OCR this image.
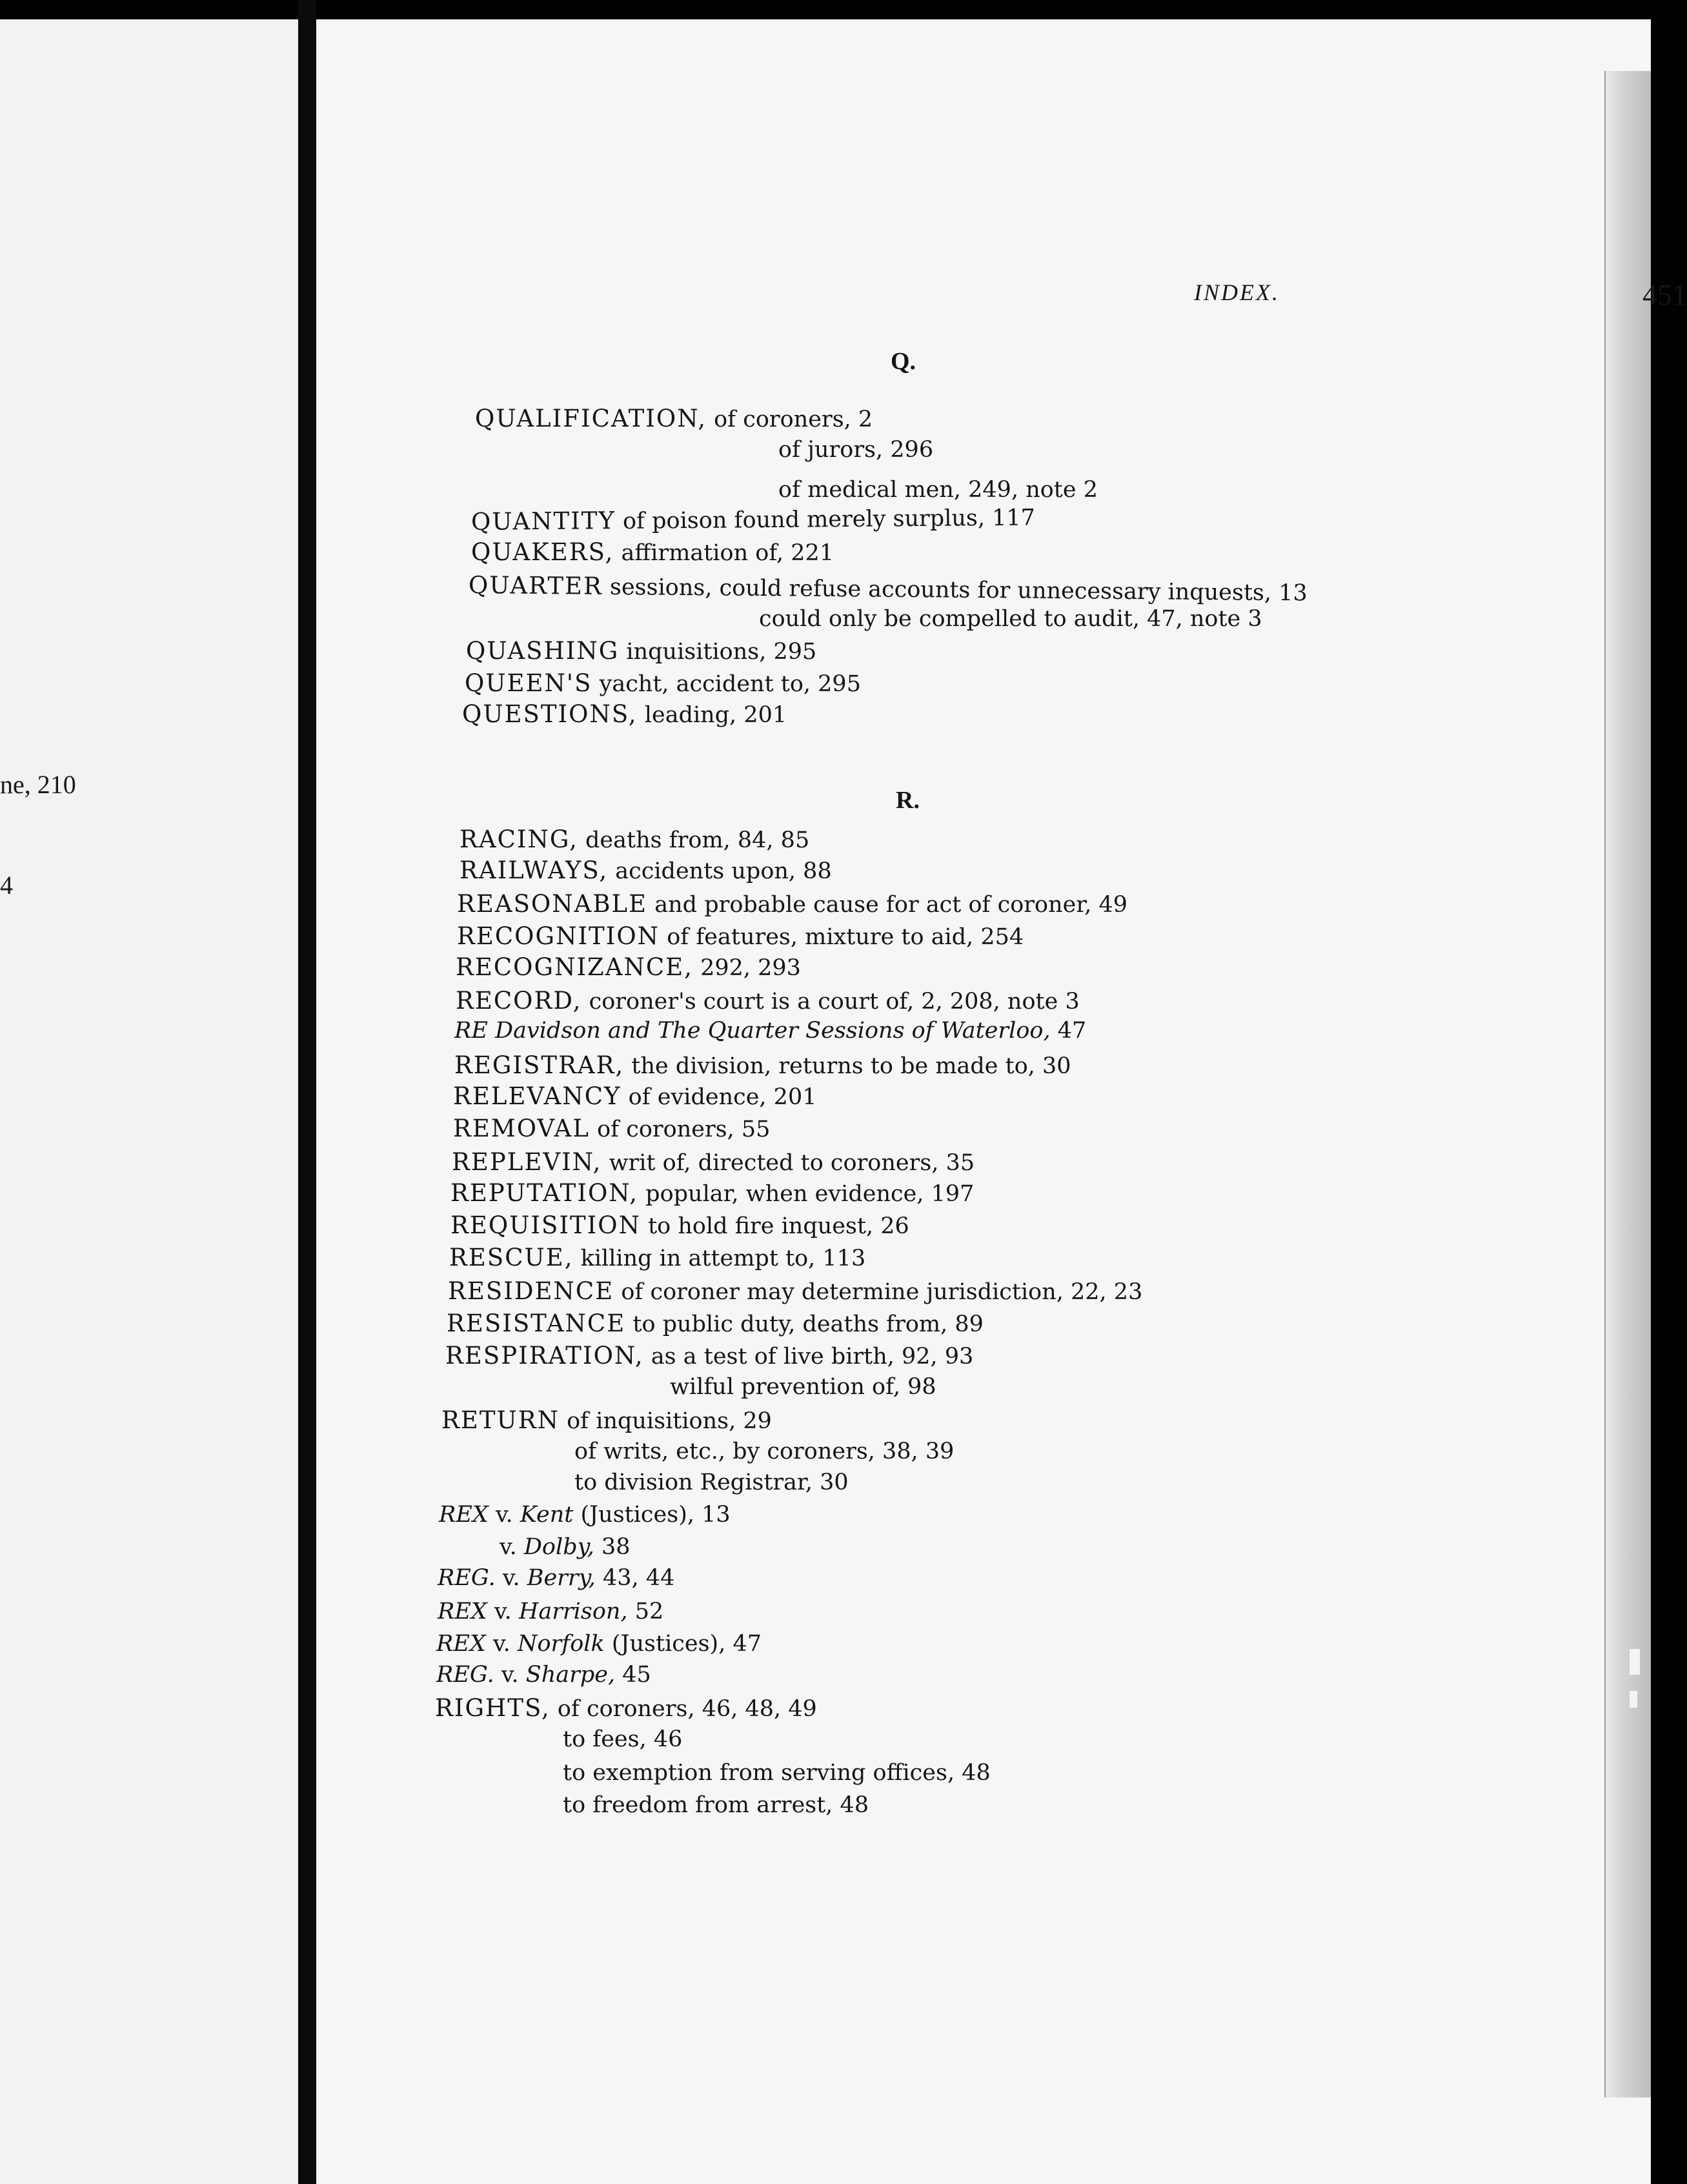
ne, 210
4
INDEX.	451
Q.
QUALIFICATION, of coroners, 2
of jurors, 296
of medical men, 249, note 2
QUANTITY of poison found merely surplus, 117
QUAKERS, affirmation of, 221
QUARTER sessions, could refuse accounts for unnecessary inquests, 13
could only be compelled to audit, 47, note 3
QUASHING inquisitions, 295
QUEEN'S yacht, accident to, 295
QUESTIONS, leading, 201
R.
RACING, deaths from, 84, 85
RAILWAYS, accidents upon, 88
REASONABLE and probable cause for act of coroner, 49
RECOGNITION of features, mixture to aid, 254
RECOGNIZANCE, 292, 293
RECORD, coroner's court is a court of, 2, 208, note 3
RE Davidson and The Quarter Sessions of Waterloo, 47
REGISTRAR, the division, returns to be made to, 30
RELEVANCY of evidence, 201
REMOVAL of coroners, 55
REPLEVIN, writ of, directed to coroners, 35
REPUTATION, popular, when evidence, 197
REQUISITION to hold fire inquest, 26
RESCUE, killing in attempt to, 113
RESIDENCE of coroner may determine jurisdiction, 22, 23
RESISTANCE to public duty, deaths from, 89
RESPIRATION, as a test of live birth, 92, 93
wilful prevention of, 98
RETURN of inquisitions, 29
of writs, etc., by coroners, 38, 39
to division Registrar, 30
REX v. Kent (Justices), 13
v. Dolby, 38
REG. v. Berry, 43, 44
REX v. Harrison, 52
REX v. Norfolk (Justices), 47
REG. v. Sharpe, 45
RIGHTS, of coroners, 46, 48, 49
to fees, 46
to exemption from serving offices, 48
to freedom from arrest, 48
